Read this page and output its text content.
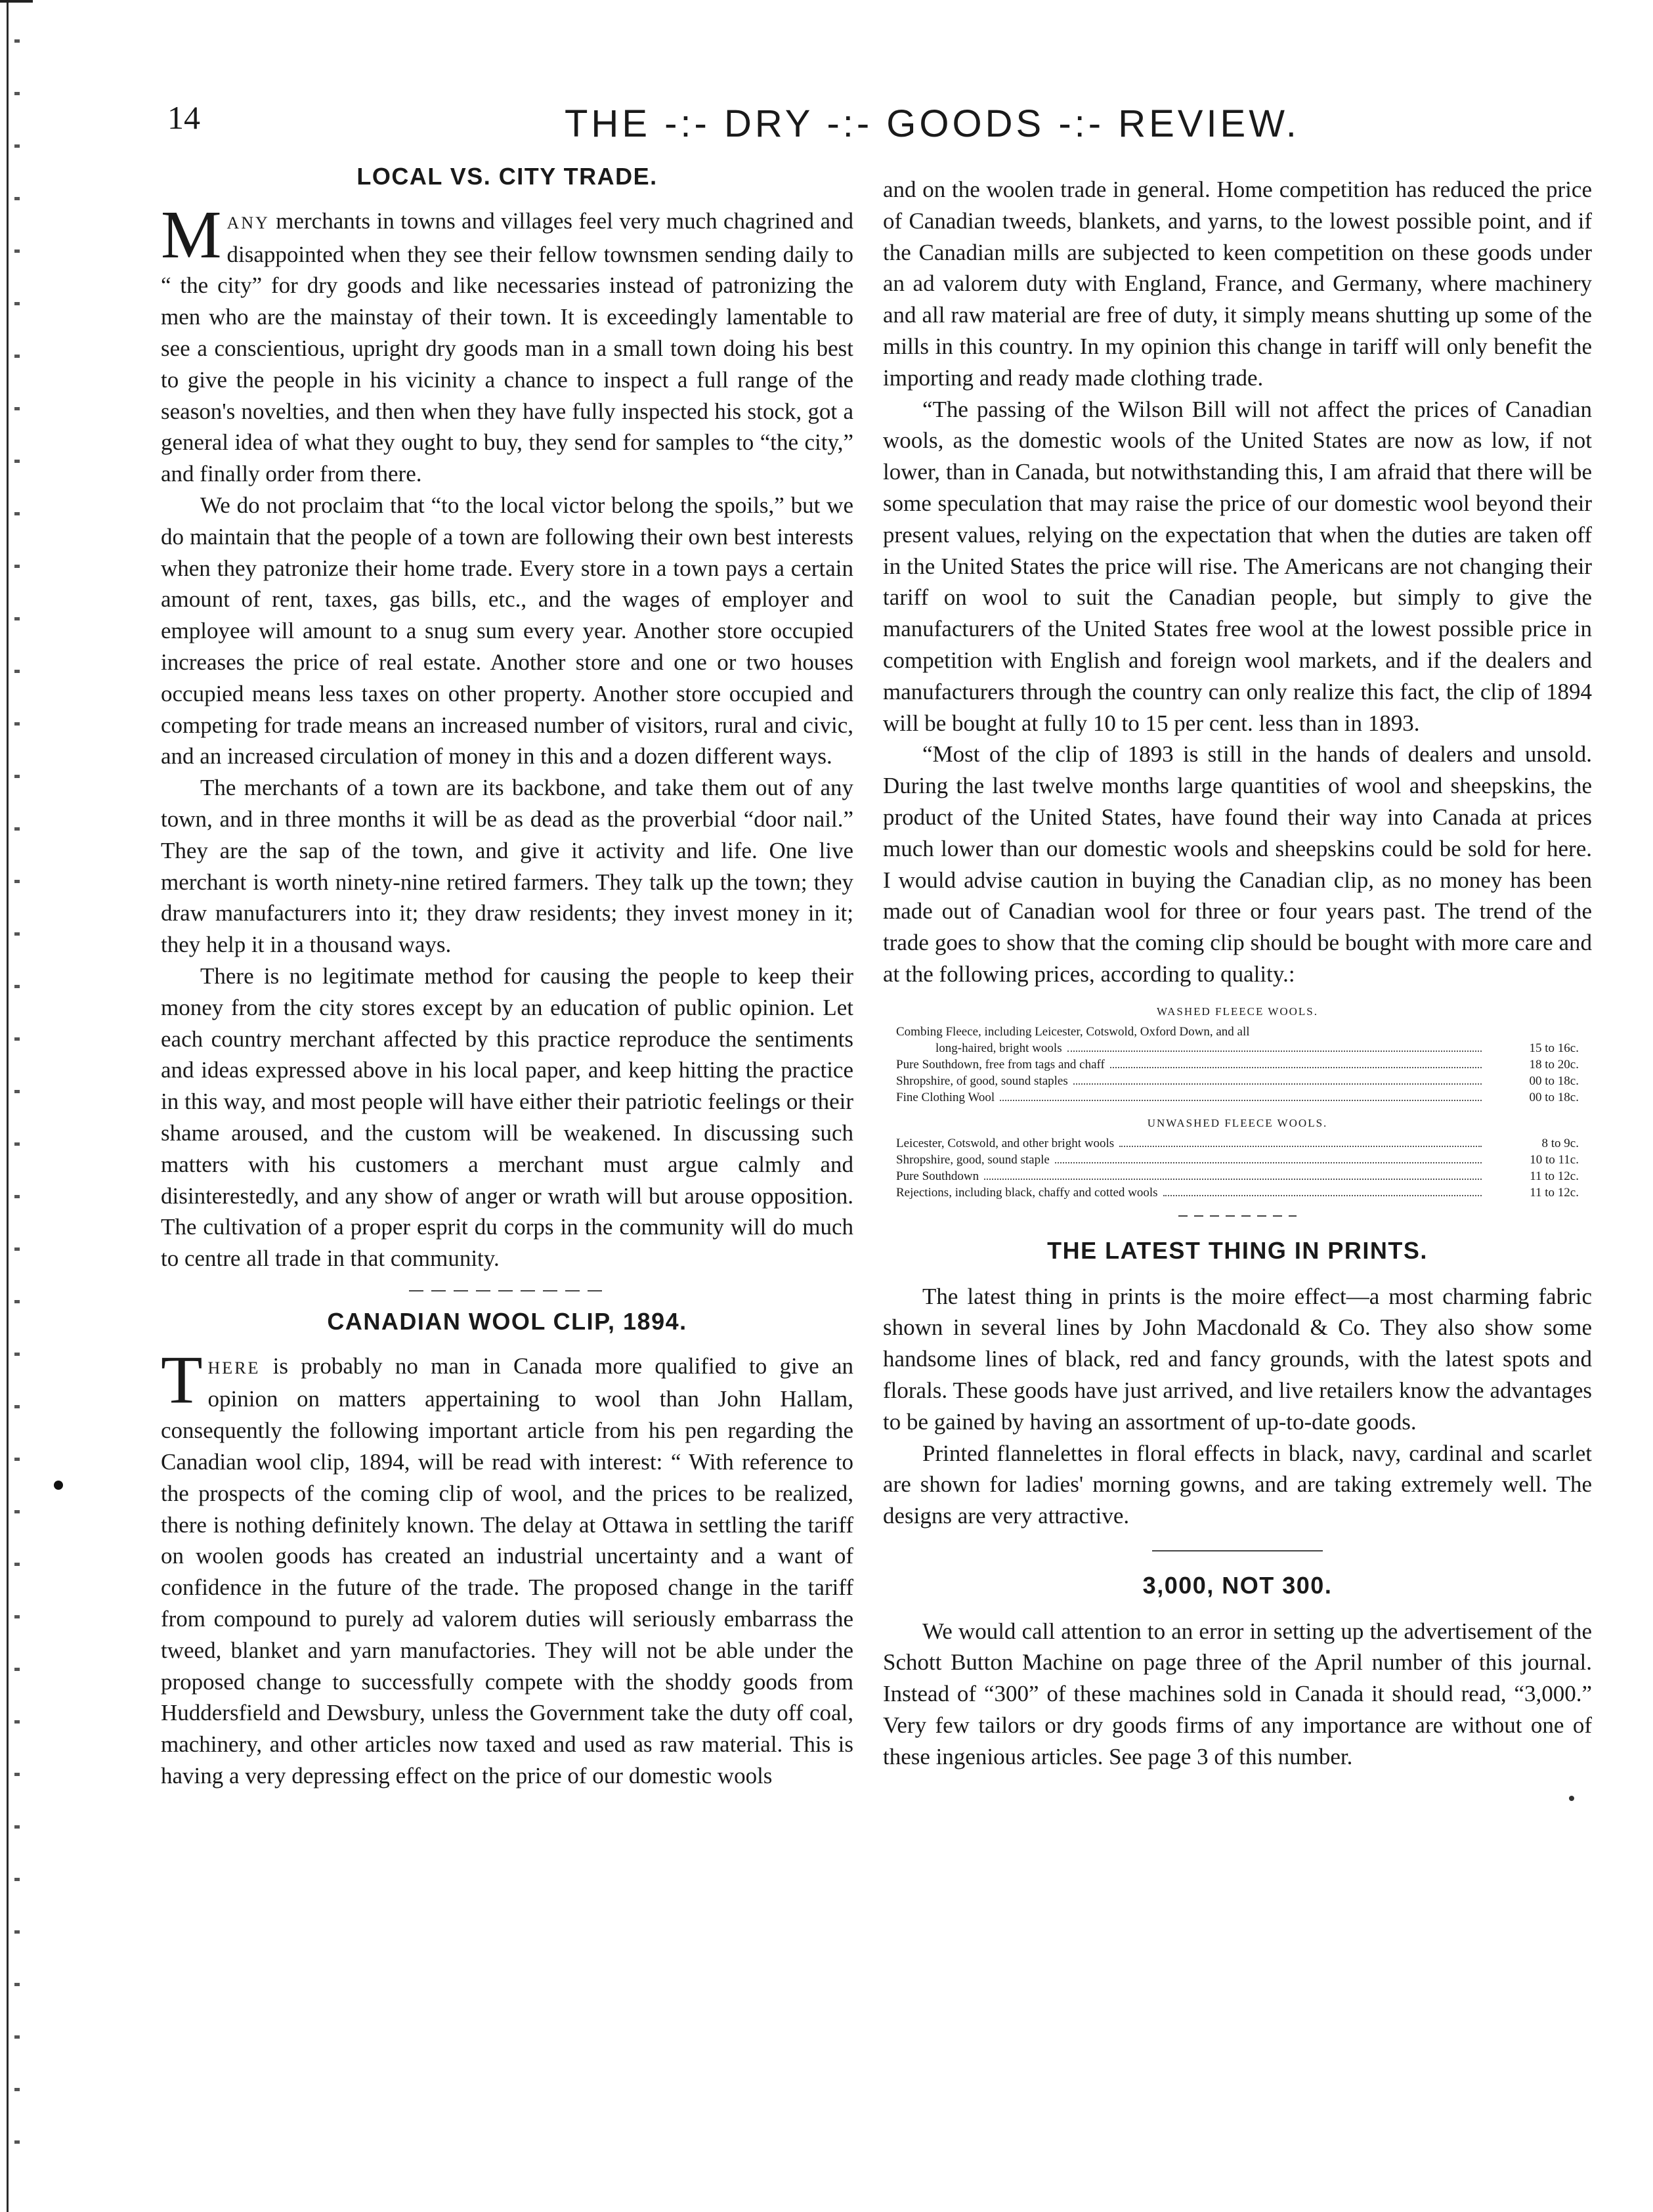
14	THE -:- DRY -:- GOODS -:- REVIEW.
LOCAL VS. CITY TRADE.

MANY merchants in towns and villages feel very much chagrined and disappointed when they see their fellow townsmen sending daily to “ the city” for dry goods and like necessaries instead of patronizing the men who are the mainstay of their town. It is exceedingly lamentable to see a conscientious, upright dry goods man in a small town doing his best to give the people in his vicinity a chance to inspect a full range of the season's novelties, and then when they have fully inspected his stock, got a general idea of what they ought to buy, they send for samples to “the city,” and finally order from there.

We do not proclaim that “to the local victor belong the spoils,” but we do maintain that the people of a town are following their own best interests when they patronize their home trade. Every store in a town pays a certain amount of rent, taxes, gas bills, etc., and the wages of employer and employee will amount to a snug sum every year. Another store occupied increases the price of real estate. Another store and one or two houses occupied means less taxes on other property. Another store occupied and competing for trade means an increased number of visitors, rural and civic, and an increased circulation of money in this and a dozen different ways.

The merchants of a town are its backbone, and take them out of any town, and in three months it will be as dead as the proverbial “door nail.” They are the sap of the town, and give it activity and life. One live merchant is worth ninety-nine retired farmers. They talk up the town; they draw manufacturers into it; they draw residents; they invest money in it; they help it in a thousand ways.

There is no legitimate method for causing the people to keep their money from the city stores except by an education of public opinion. Let each country merchant affected by this practice reproduce the sentiments and ideas expressed above in his local paper, and keep hitting the practice in this way, and most people will have either their patriotic feelings or their shame aroused, and the custom will be weakened. In discussing such matters with his customers a merchant must argue calmly and disinterestedly, and any show of anger or wrath will but arouse opposition. The cultivation of a proper esprit du corps in the community will do much to centre all trade in that community.

CANADIAN WOOL CLIP, 1894.

THERE is probably no man in Canada more qualified to give an opinion on matters appertaining to wool than John Hallam, consequently the following important article from his pen regarding the Canadian wool clip, 1894, will be read with interest: “ With reference to the prospects of the coming clip of wool, and the prices to be realized, there is nothing definitely known. The delay at Ottawa in settling the tariff on woolen goods has created an industrial uncertainty and a want of confidence in the future of the trade. The proposed change in the tariff from compound to purely ad valorem duties will seriously embarrass the tweed, blanket and yarn manufactories. They will not be able under the proposed change to successfully compete with the shoddy goods from Huddersfield and Dewsbury, unless the Government take the duty off coal, machinery, and other articles now taxed and used as raw material. This is having a very depressing effect on the price of our domestic wools

and on the woolen trade in general. Home competition has reduced the price of Canadian tweeds, blankets, and yarns, to the lowest possible point, and if the Canadian mills are subjected to keen competition on these goods under an ad valorem duty with England, France, and Germany, where machinery and all raw material are free of duty, it simply means shutting up some of the mills in this country. In my opinion this change in tariff will only benefit the importing and ready made clothing trade.

“The passing of the Wilson Bill will not affect the prices of Canadian wools, as the domestic wools of the United States are now as low, if not lower, than in Canada, but notwithstanding this, I am afraid that there will be some speculation that may raise the price of our domestic wool beyond their present values, relying on the expectation that when the duties are taken off in the United States the price will rise. The Americans are not changing their tariff on wool to suit the Canadian people, but simply to give the manufacturers of the United States free wool at the lowest possible price in competition with English and foreign wool markets, and if the dealers and manufacturers through the country can only realize this fact, the clip of 1894 will be bought at fully 10 to 15 per cent. less than in 1893.

“Most of the clip of 1893 is still in the hands of dealers and unsold. During the last twelve months large quantities of wool and sheepskins, the product of the United States, have found their way into Canada at prices much lower than our domestic wools and sheepskins could be sold for here. I would advise caution in buying the Canadian clip, as no money has been made out of Canadian wool for three or four years past. The trend of the trade goes to show that the coming clip should be bought with more care and at the following prices, according to quality.:

WASHED FLEECE WOOLS.
Combing Fleece, including Leicester, Cotswold, Oxford Down, and all
long-haired, bright wools	15 to 16c.
Pure Southdown, free from tags and chaff	18 to 20c.
Shropshire, of good, sound staples	00 to 18c.
Fine Clothing Wool	00 to 18c.
UNWASHED FLEECE WOOLS.
Leicester, Cotswold, and other bright wools	8 to 9c.
Shropshire, good, sound staple	10 to 11c.
Pure Southdown	11 to 12c.
Rejections, including black, chaffy and cotted wools	11 to 12c.
THE LATEST THING IN PRINTS.

The latest thing in prints is the moire effect—a most charming fabric shown in several lines by John Macdonald & Co. They also show some handsome lines of black, red and fancy grounds, with the latest spots and florals. These goods have just arrived, and live retailers know the advantages to be gained by having an assortment of up-to-date goods.

Printed flannelettes in floral effects in black, navy, cardinal and scarlet are shown for ladies' morning gowns, and are taking extremely well. The designs are very attractive.

3,000, NOT 300.

We would call attention to an error in setting up the advertisement of the Schott Button Machine on page three of the April number of this journal. Instead of “300” of these machines sold in Canada it should read, “3,000.” Very few tailors or dry goods firms of any importance are without one of these ingenious articles. See page 3 of this number.
